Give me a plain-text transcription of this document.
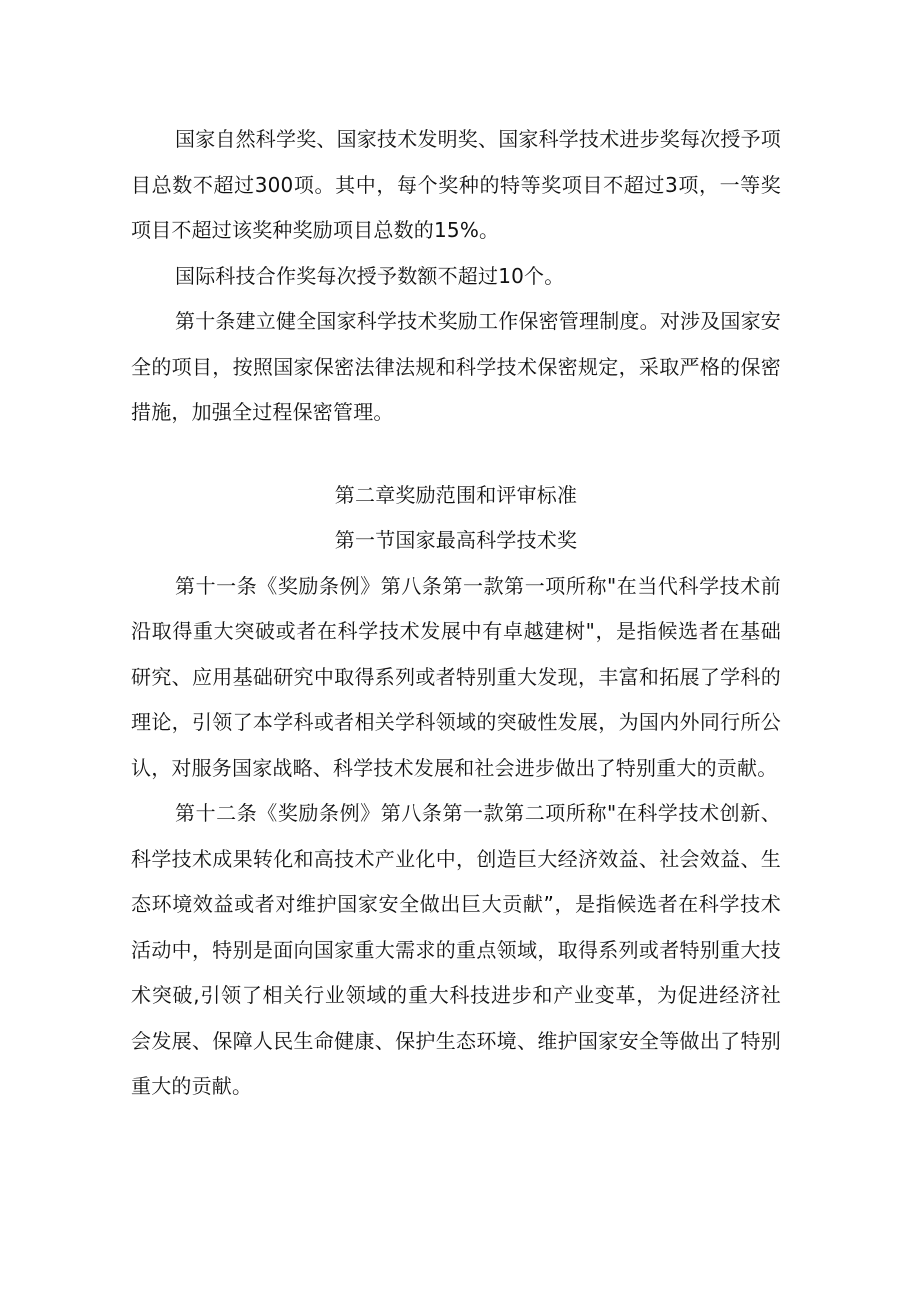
国家自然科学奖、国家技术发明奖、国家科学技术进步奖每次授予项目总数不超过300项。其中，每个奖种的特等奖项目不超过3项，一等奖项目不超过该奖种奖励项目总数的15%。

国际科技合作奖每次授予数额不超过10个。

第十条建立健全国家科学技术奖励工作保密管理制度。对涉及国家安全的项目，按照国家保密法律法规和科学技术保密规定，采取严格的保密措施，加强全过程保密管理。

第二章奖励范围和评审标准

第一节国家最高科学技术奖

第十一条《奖励条例》第八条第一款第一项所称"在当代科学技术前沿取得重大突破或者在科学技术发展中有卓越建树"，是指候选者在基础研究、应用基础研究中取得系列或者特别重大发现，丰富和拓展了学科的理论，引领了本学科或者相关学科领域的突破性发展，为国内外同行所公认，对服务国家战略、科学技术发展和社会进步做出了特别重大的贡献。

第十二条《奖励条例》第八条第一款第二项所称"在科学技术创新、科学技术成果转化和高技术产业化中，创造巨大经济效益、社会效益、生态环境效益或者对维护国家安全做出巨大贡献”，是指候选者在科学技术活动中，特别是面向国家重大需求的重点领域，取得系列或者特别重大技术突破,引领了相关行业领域的重大科技进步和产业变革，为促进经济社会发展、保障人民生命健康、保护生态环境、维护国家安全等做出了特别重大的贡献。
